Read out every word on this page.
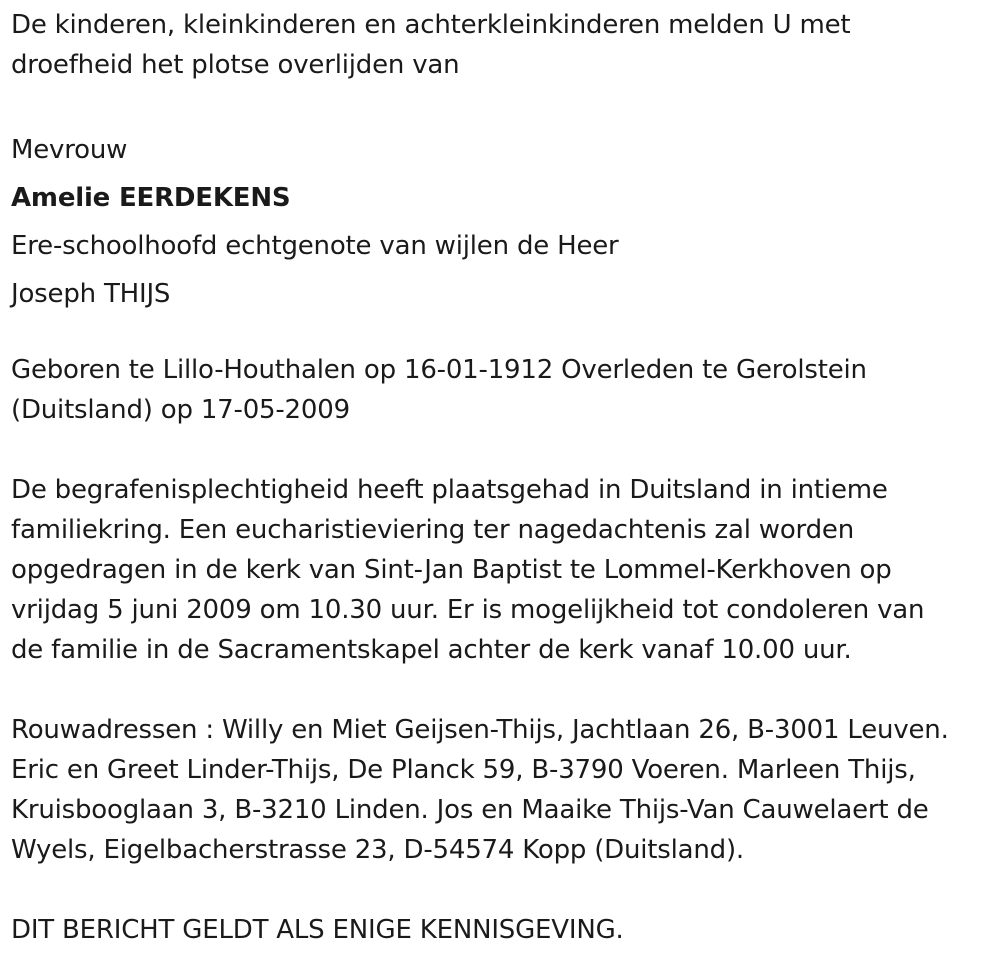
De kinderen, kleinkinderen en achterkleinkinderen melden U met

droefheid het plotse overlijden van

Mevrouw

Amelie EERDEKENS

Ere-schoolhoofd echtgenote van wijlen de Heer

Joseph THIJS

Geboren te Lillo-Houthalen op 16-01-1912 Overleden te Gerolstein

(Duitsland) op 17-05-2009

De begrafenisplechtigheid heeft plaatsgehad in Duitsland in intieme

familiekring. Een eucharistieviering ter nagedachtenis zal worden

opgedragen in de kerk van Sint-Jan Baptist te Lommel-Kerkhoven op

vrijdag 5 juni 2009 om 10.30 uur. Er is mogelijkheid tot condoleren van

de familie in de Sacramentskapel achter de kerk vanaf 10.00 uur.

Rouwadressen : Willy en Miet Geijsen-Thijs, Jachtlaan 26, B-3001 Leuven.

Eric en Greet Linder-Thijs, De Planck 59, B-3790 Voeren. Marleen Thijs,

Kruisbooglaan 3, B-3210 Linden. Jos en Maaike Thijs-Van Cauwelaert de

Wyels, Eigelbacherstrasse 23, D-54574 Kopp (Duitsland).

DIT BERICHT GELDT ALS ENIGE KENNISGEVING.
